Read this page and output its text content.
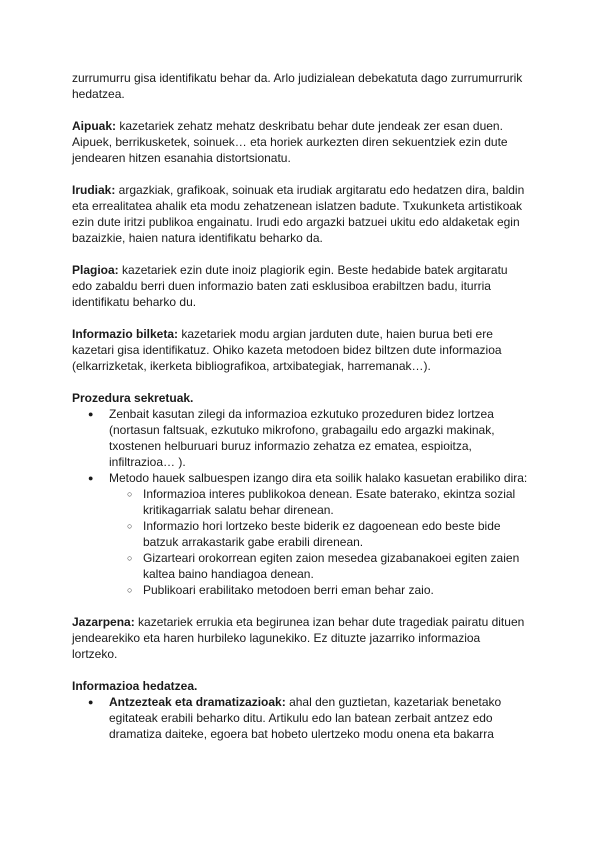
zurrumurru gisa identifikatu behar da. Arlo judizialean debekatuta dago zurrumurrurik hedatzea.

Aipuak: kazetariek zehatz mehatz deskribatu behar dute jendeak zer esan duen. Aipuek, berrikusketek, soinuek… eta horiek aurkezten diren sekuentziek ezin dute jendearen hitzen esanahia distortsionatu.

Irudiak: argazkiak, grafikoak, soinuak eta irudiak argitaratu edo hedatzen dira, baldin eta errealitatea ahalik eta modu zehatzenean islatzen badute. Txukunketa artistikoak ezin dute iritzi publikoa engainatu. Irudi edo argazki batzuei ukitu edo aldaketak egin bazaizkie, haien natura identifikatu beharko da.

Plagioa: kazetariek ezin dute inoiz plagiorik egin. Beste hedabide batek argitaratu edo zabaldu berri duen informazio baten zati esklusiboa erabiltzen badu, iturria identifikatu beharko du.

Informazio bilketa: kazetariek modu argian jarduten dute, haien burua beti ere kazetari gisa identifikatuz. Ohiko kazeta metodoen bidez biltzen dute informazioa (elkarrizketak, ikerketa bibliografikoa, artxibategiak, harremanak…).

Prozedura sekretuak.

● Zenbait kasutan zilegi da informazioa ezkutuko prozeduren bidez lortzea (nortasun faltsuak, ezkutuko mikrofono, grabagailu edo argazki makinak, txostenen helburuari buruz informazio zehatza ez ematea, espioitza, infiltrazioa… ).
● Metodo hauek salbuespen izango dira eta soilik halako kasuetan erabiliko dira:
○ Informazioa interes publikokoa denean. Esate baterako, ekintza sozial kritikagarriak salatu behar direnean.
○ Informazio hori lortzeko beste biderik ez dagoenean edo beste bide batzuk arrakastarik gabe erabili direnean.
○ Gizarteari orokorrean egiten zaion mesedea gizabanakoei egiten zaien kaltea baino handiagoa denean.
○ Publikoari erabilitako metodoen berri eman behar zaio.

Jazarpena: kazetariek errukia eta begirunea izan behar dute tragediak pairatu dituen jendearekiko eta haren hurbileko lagunekiko. Ez dituzte jazarriko informazioa lortzeko.

Informazioa hedatzea.

● Antzezteak eta dramatizazioak: ahal den guztietan, kazetariak benetako egitateak erabili beharko ditu. Artikulu edo lan batean zerbait antzez edo dramatiza daiteke, egoera bat hobeto ulertzeko modu onena eta bakarra
